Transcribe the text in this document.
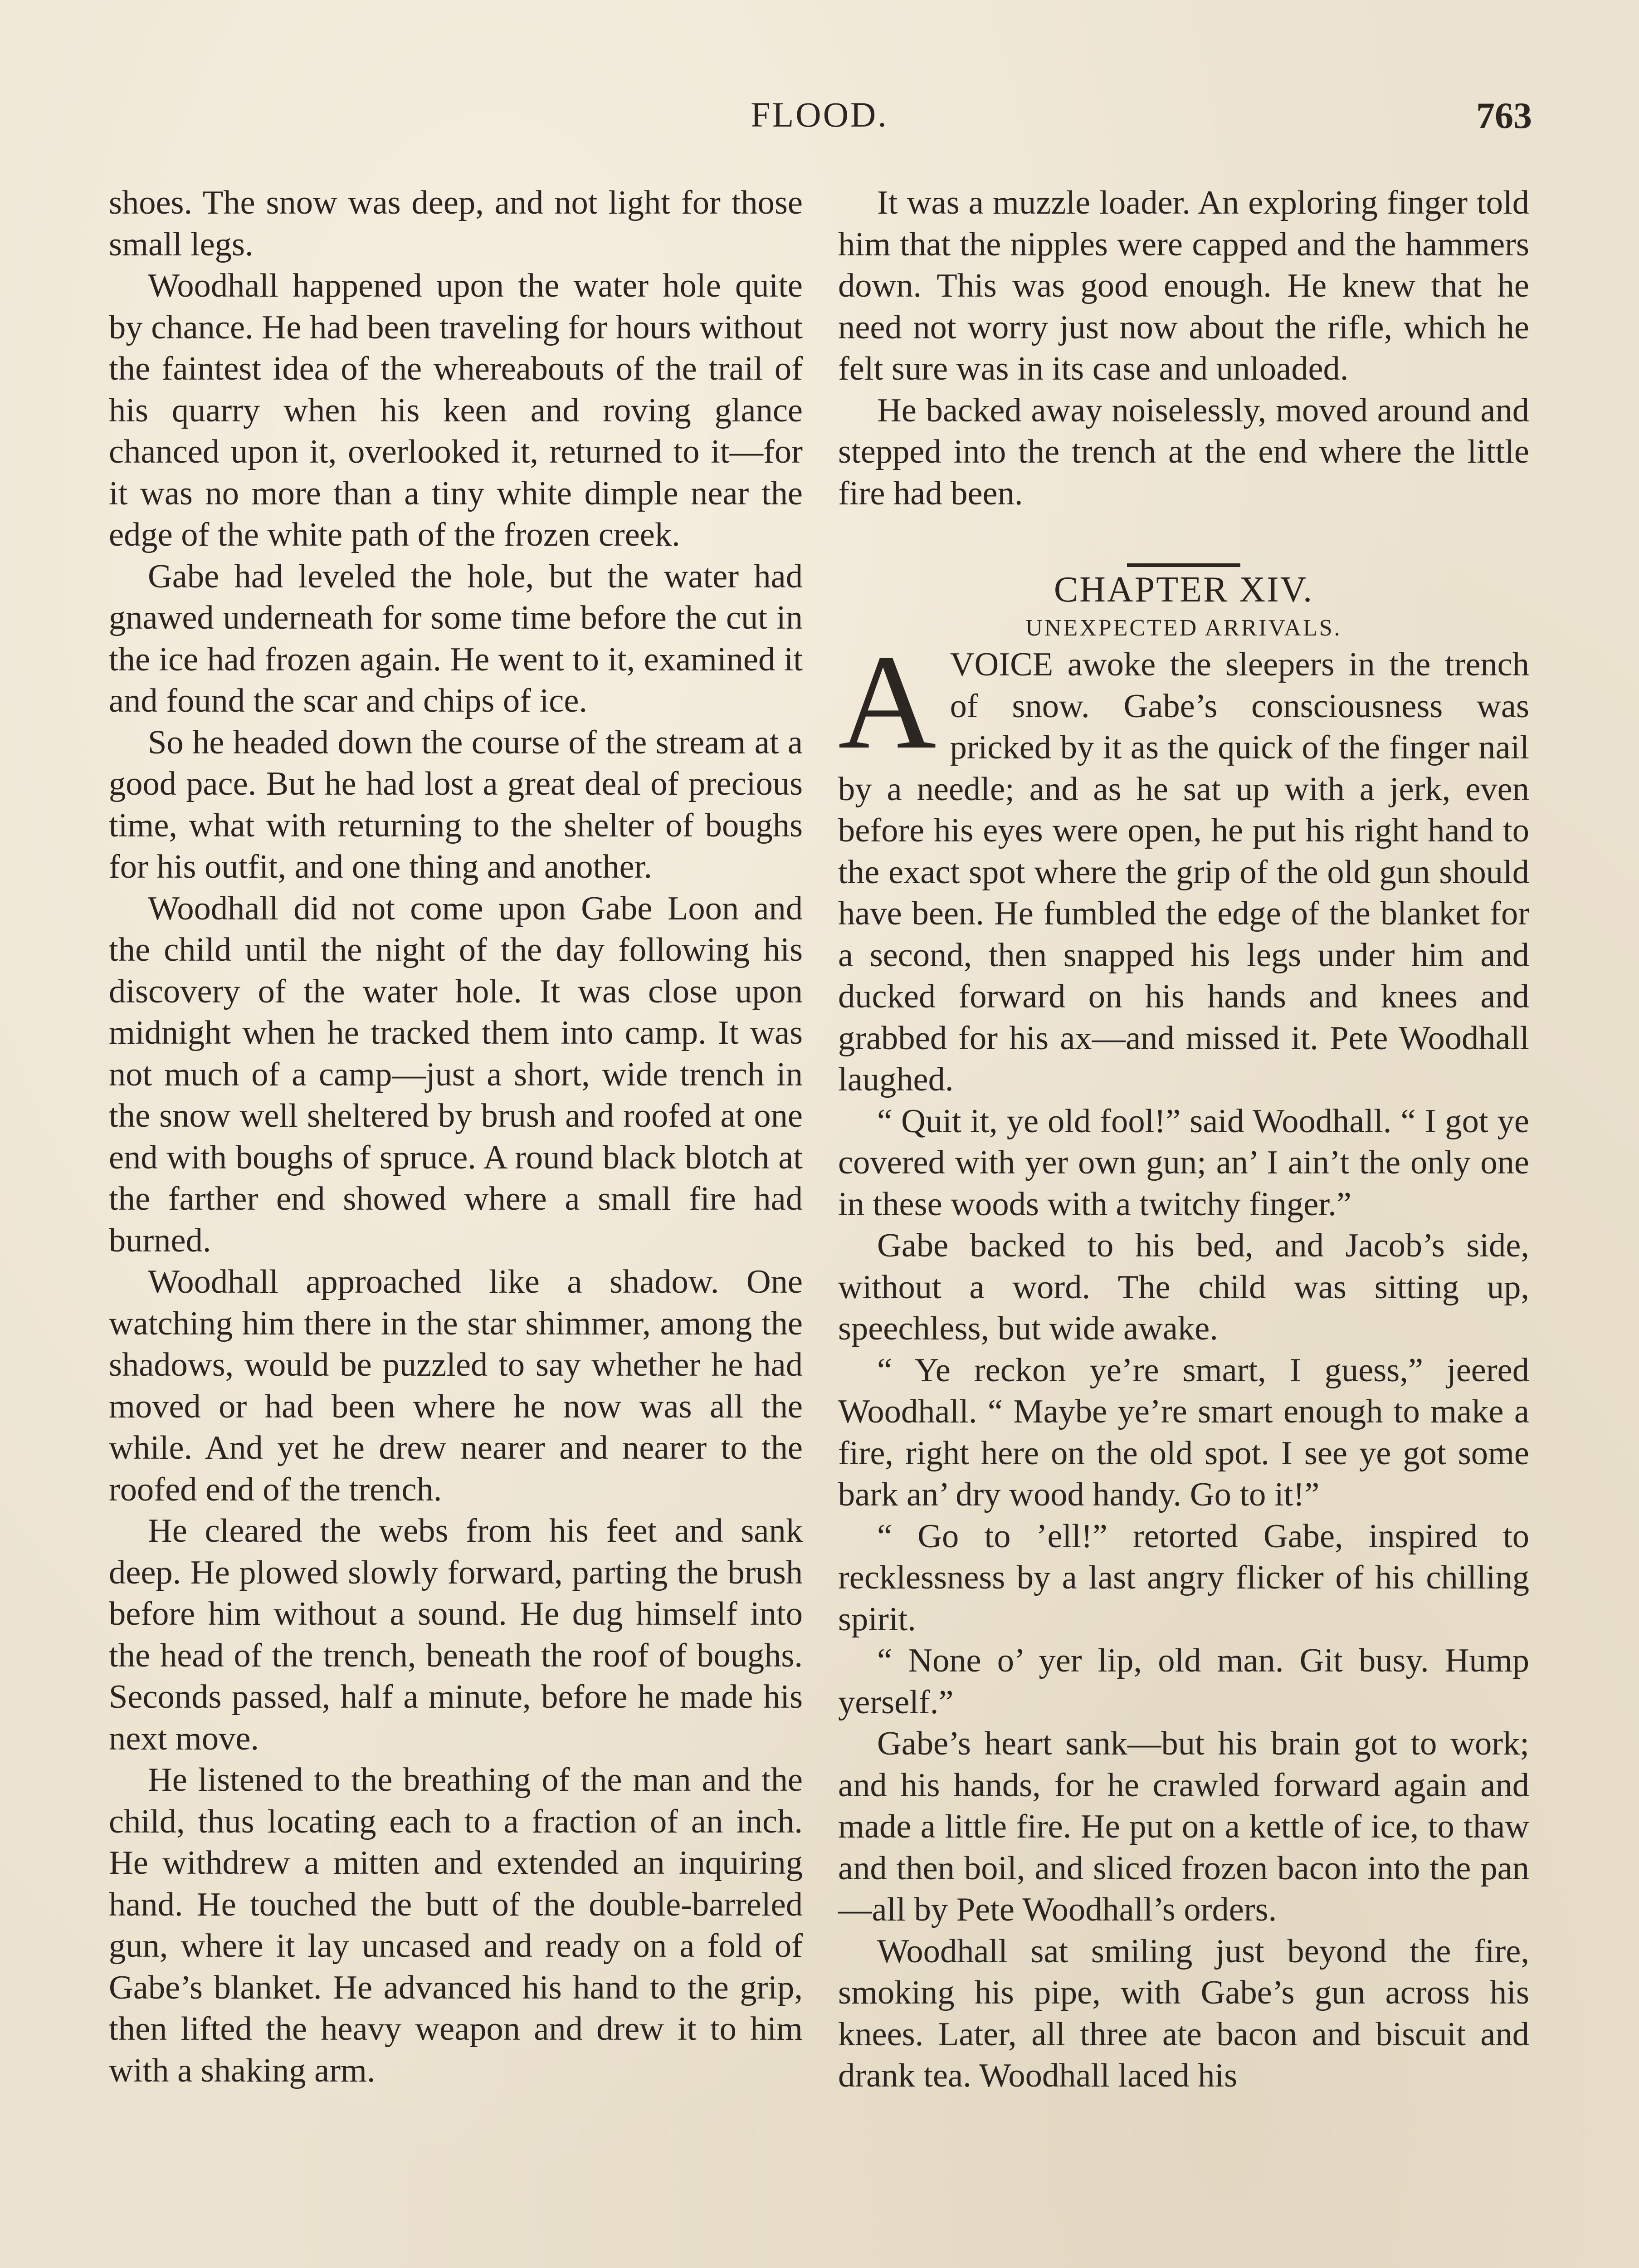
FLOOD.	763

shoes. The snow was deep, and not light for those small legs.

Woodhall happened upon the water hole quite by chance. He had been traveling for hours without the faintest idea of the whereabouts of the trail of his quarry when his keen and roving glance chanced upon it, overlooked it, returned to it—for it was no more than a tiny white dimple near the edge of the white path of the frozen creek.

Gabe had leveled the hole, but the water had gnawed underneath for some time before the cut in the ice had frozen again. He went to it, examined it and found the scar and chips of ice.

So he headed down the course of the stream at a good pace. But he had lost a great deal of precious time, what with returning to the shelter of boughs for his outfit, and one thing and another.

Woodhall did not come upon Gabe Loon and the child until the night of the day following his discovery of the water hole. It was close upon midnight when he tracked them into camp. It was not much of a camp—just a short, wide trench in the snow well sheltered by brush and roofed at one end with boughs of spruce. A round black blotch at the farther end showed where a small fire had burned.

Woodhall approached like a shadow. One watching him there in the star shimmer, among the shadows, would be puzzled to say whether he had moved or had been where he now was all the while. And yet he drew nearer and nearer to the roofed end of the trench.

He cleared the webs from his feet and sank deep. He plowed slowly forward, parting the brush before him without a sound. He dug himself into the head of the trench, beneath the roof of boughs. Seconds passed, half a minute, before he made his next move.

He listened to the breathing of the man and the child, thus locating each to a fraction of an inch. He withdrew a mitten and extended an inquiring hand. He touched the butt of the double-barreled gun, where it lay uncased and ready on a fold of Gabe’s blanket. He advanced his hand to the grip, then lifted the heavy weapon and drew it to him with a shaking arm.

It was a muzzle loader. An exploring finger told him that the nipples were capped and the hammers down. This was good enough. He knew that he need not worry just now about the rifle, which he felt sure was in its case and unloaded.

He backed away noiselessly, moved around and stepped into the trench at the end where the little fire had been.

CHAPTER XIV.

UNEXPECTED ARRIVALS.

AVOICE awoke the sleepers in the trench of snow. Gabe’s consciousness was pricked by it as the quick of the finger nail by a needle; and as he sat up with a jerk, even before his eyes were open, he put his right hand to the exact spot where the grip of the old gun should have been. He fumbled the edge of the blanket for a second, then snapped his legs under him and ducked forward on his hands and knees and grabbed for his ax—and missed it. Pete Woodhall laughed.

“ Quit it, ye old fool!” said Woodhall. “ I got ye covered with yer own gun; an’ I ain’t the only one in these woods with a twitchy finger.”

Gabe backed to his bed, and Jacob’s side, without a word. The child was sitting up, speechless, but wide awake.

“ Ye reckon ye’re smart, I guess,” jeered Woodhall. “ Maybe ye’re smart enough to make a fire, right here on the old spot. I see ye got some bark an’ dry wood handy. Go to it!”

“ Go to ’ell!” retorted Gabe, inspired to recklessness by a last angry flicker of his chilling spirit.

“ None o’ yer lip, old man. Git busy. Hump yerself.”

Gabe’s heart sank—but his brain got to work; and his hands, for he crawled forward again and made a little fire. He put on a kettle of ice, to thaw and then boil, and sliced frozen bacon into the pan—all by Pete Woodhall’s orders.

Woodhall sat smiling just beyond the fire, smoking his pipe, with Gabe’s gun across his knees. Later, all three ate bacon and biscuit and drank tea. Woodhall laced his
